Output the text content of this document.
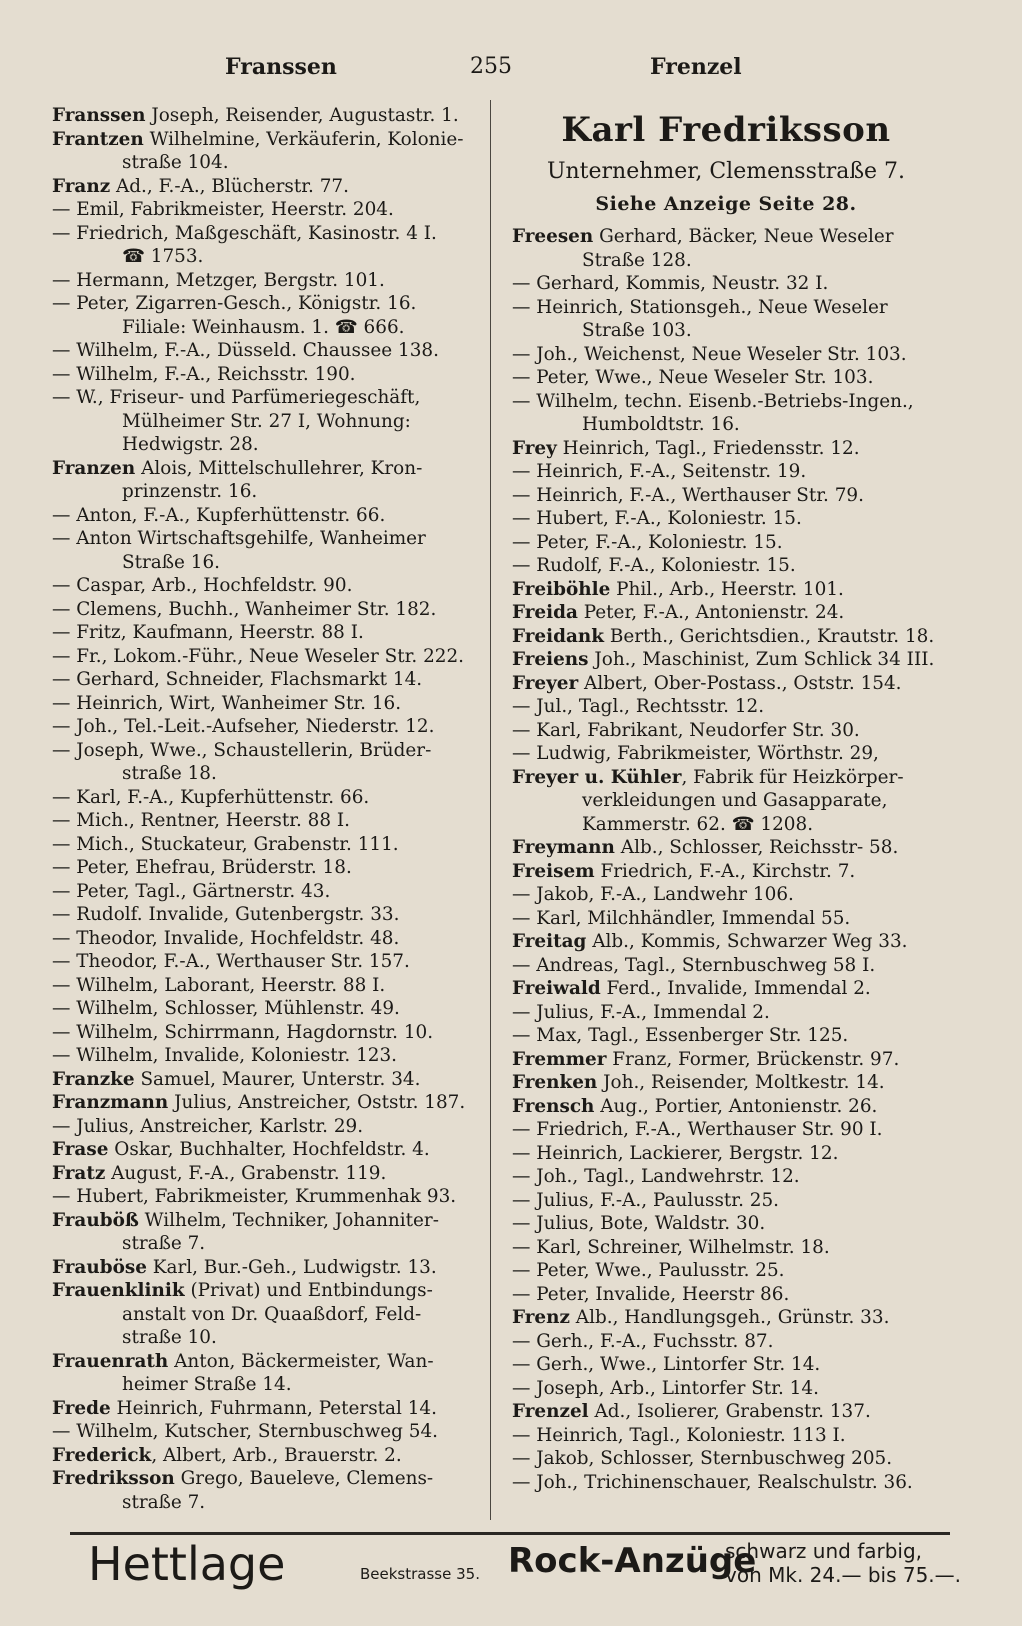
Franssen	255	Frenzel
Franssen Joseph, Reisender, Augustastr. 1.
Frantzen Wilhelmine, Verkäuferin, Kolonie-
straße 104.
Franz Ad., F.-A., Blücherstr. 77.
— Emil, Fabrikmeister, Heerstr. 204.
— Friedrich, Maßgeschäft, Kasinostr. 4 I.
☎ 1753.
— Hermann, Metzger, Bergstr. 101.
— Peter, Zigarren-Gesch., Königstr. 16.
Filiale: Weinhausm. 1. ☎ 666.
— Wilhelm, F.-A., Düsseld. Chaussee 138.
— Wilhelm, F.-A., Reichsstr. 190.
— W., Friseur- und Parfümeriegeschäft,
Mülheimer Str. 27 I, Wohnung:
Hedwigstr. 28.
Franzen Alois, Mittelschullehrer, Kron-
prinzenstr. 16.
— Anton, F.-A., Kupferhüttenstr. 66.
— Anton Wirtschaftsgehilfe, Wanheimer
Straße 16.
— Caspar, Arb., Hochfeldstr. 90.
— Clemens, Buchh., Wanheimer Str. 182.
— Fritz, Kaufmann, Heerstr. 88 I.
— Fr., Lokom.-Führ., Neue Weseler Str. 222.
— Gerhard, Schneider, Flachsmarkt 14.
— Heinrich, Wirt, Wanheimer Str. 16.
— Joh., Tel.-Leit.-Aufseher, Niederstr. 12.
— Joseph, Wwe., Schaustellerin, Brüder-
straße 18.
— Karl, F.-A., Kupferhüttenstr. 66.
— Mich., Rentner, Heerstr. 88 I.
— Mich., Stuckateur, Grabenstr. 111.
— Peter, Ehefrau, Brüderstr. 18.
— Peter, Tagl., Gärtnerstr. 43.
— Rudolf. Invalide, Gutenbergstr. 33.
— Theodor, Invalide, Hochfeldstr. 48.
— Theodor, F.-A., Werthauser Str. 157.
— Wilhelm, Laborant, Heerstr. 88 I.
— Wilhelm, Schlosser, Mühlenstr. 49.
— Wilhelm, Schirrmann, Hagdornstr. 10.
— Wilhelm, Invalide, Koloniestr. 123.
Franzke Samuel, Maurer, Unterstr. 34.
Franzmann Julius, Anstreicher, Oststr. 187.
— Julius, Anstreicher, Karlstr. 29.
Frase Oskar, Buchhalter, Hochfeldstr. 4.
Fratz August, F.-A., Grabenstr. 119.
— Hubert, Fabrikmeister, Krummenhak 93.
Frauböß Wilhelm, Techniker, Johanniter-
straße 7.
Frauböse Karl, Bur.-Geh., Ludwigstr. 13.
Frauenklinik (Privat) und Entbindungs-
anstalt von Dr. Quaaßdorf, Feld-
straße 10.
Frauenrath Anton, Bäckermeister, Wan-
heimer Straße 14.
Frede Heinrich, Fuhrmann, Peterstal 14.
— Wilhelm, Kutscher, Sternbuschweg 54.
Frederick, Albert, Arb., Brauerstr. 2.
Fredriksson Grego, Baueleve, Clemens-
straße 7.
Karl Fredriksson
Unternehmer, Clemensstraße 7.
Siehe Anzeige Seite 28.
Freesen Gerhard, Bäcker, Neue Weseler
Straße 128.
— Gerhard, Kommis, Neustr. 32 I.
— Heinrich, Stationsgeh., Neue Weseler
Straße 103.
— Joh., Weichenst, Neue Weseler Str. 103.
— Peter, Wwe., Neue Weseler Str. 103.
— Wilhelm, techn. Eisenb.-Betriebs-Ingen.,
Humboldtstr. 16.
Frey Heinrich, Tagl., Friedensstr. 12.
— Heinrich, F.-A., Seitenstr. 19.
— Heinrich, F.-A., Werthauser Str. 79.
— Hubert, F.-A., Koloniestr. 15.
— Peter, F.-A., Koloniestr. 15.
— Rudolf, F.-A., Koloniestr. 15.
Freiböhle Phil., Arb., Heerstr. 101.
Freida Peter, F.-A., Antonienstr. 24.
Freidank Berth., Gerichtsdien., Krautstr. 18.
Freiens Joh., Maschinist, Zum Schlick 34 III.
Freyer Albert, Ober-Postass., Oststr. 154.
— Jul., Tagl., Rechtsstr. 12.
— Karl, Fabrikant, Neudorfer Str. 30.
— Ludwig, Fabrikmeister, Wörthstr. 29,
Freyer u. Kühler, Fabrik für Heizkörper-
verkleidungen und Gasapparate,
Kammerstr. 62. ☎ 1208.
Freymann Alb., Schlosser, Reichsstr- 58.
Freisem Friedrich, F.-A., Kirchstr. 7.
— Jakob, F.-A., Landwehr 106.
— Karl, Milchhändler, Immendal 55.
Freitag Alb., Kommis, Schwarzer Weg 33.
— Andreas, Tagl., Sternbuschweg 58 I.
Freiwald Ferd., Invalide, Immendal 2.
— Julius, F.-A., Immendal 2.
— Max, Tagl., Essenberger Str. 125.
Fremmer Franz, Former, Brückenstr. 97.
Frenken Joh., Reisender, Moltkestr. 14.
Frensch Aug., Portier, Antonienstr. 26.
— Friedrich, F.-A., Werthauser Str. 90 I.
— Heinrich, Lackierer, Bergstr. 12.
— Joh., Tagl., Landwehrstr. 12.
— Julius, F.-A., Paulusstr. 25.
— Julius, Bote, Waldstr. 30.
— Karl, Schreiner, Wilhelmstr. 18.
— Peter, Wwe., Paulusstr. 25.
— Peter, Invalide, Heerstr 86.
Frenz Alb., Handlungsgeh., Grünstr. 33.
— Gerh., F.-A., Fuchsstr. 87.
— Gerh., Wwe., Lintorfer Str. 14.
— Joseph, Arb., Lintorfer Str. 14.
Frenzel Ad., Isolierer, Grabenstr. 137.
— Heinrich, Tagl., Koloniestr. 113 I.
— Jakob, Schlosser, Sternbuschweg 205.
— Joh., Trichinenschauer, Realschulstr. 36.
Hettlage	Beekstrasse 35. Rock-Anzüge
schwarz und farbig,
von Mk. 24.— bis 75.—.
